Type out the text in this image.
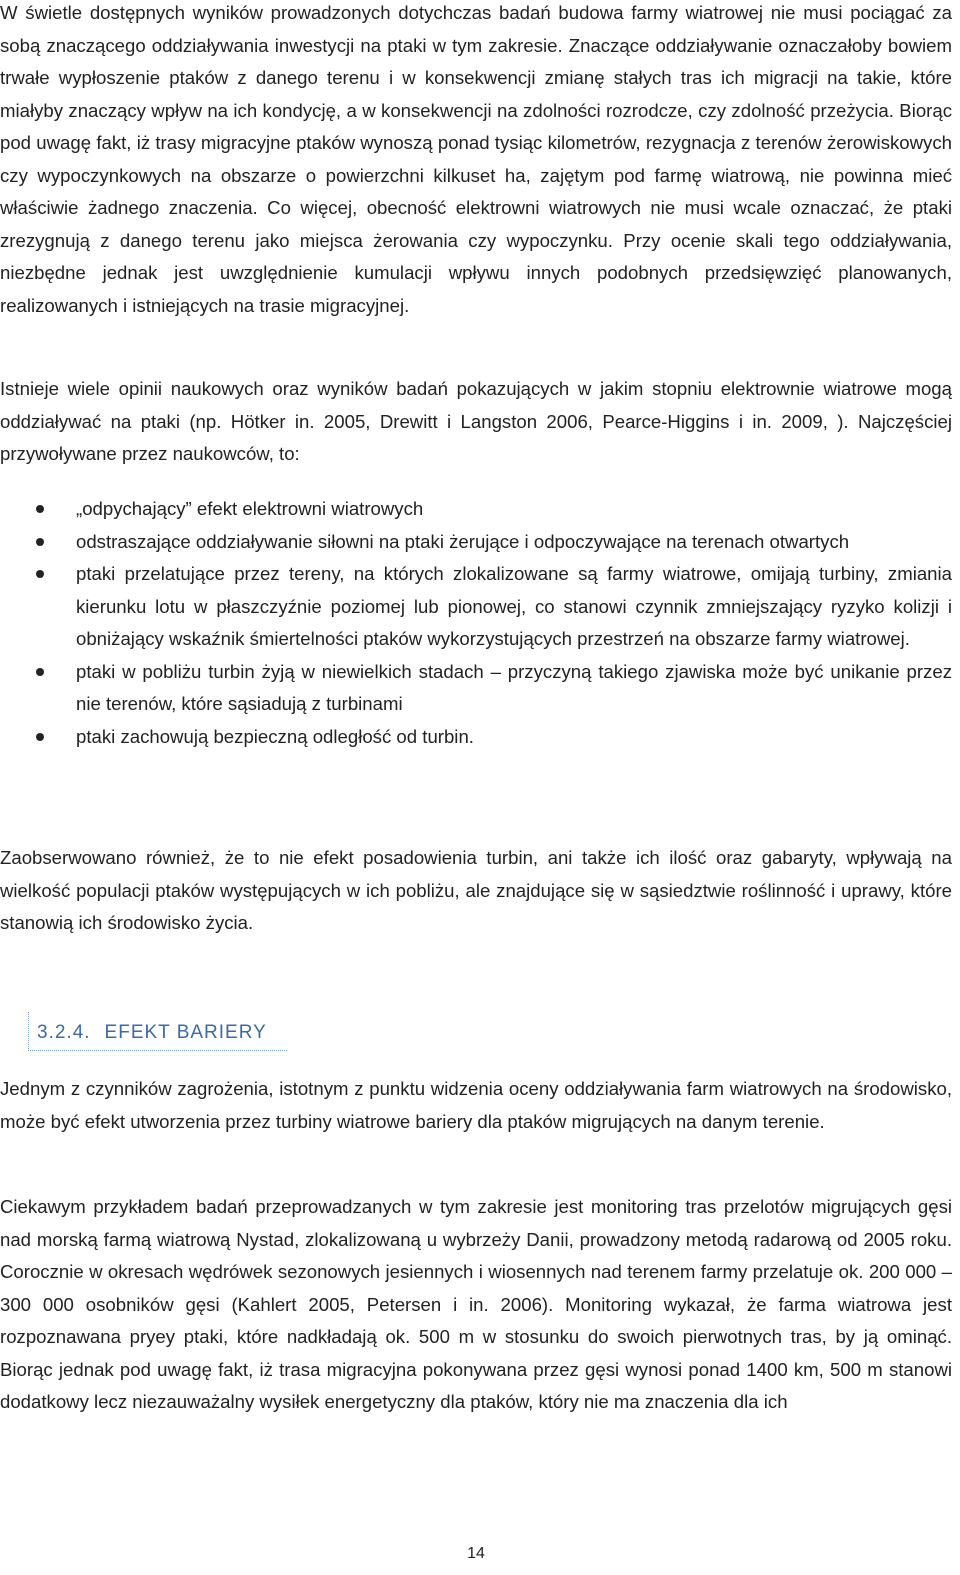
W świetle dostępnych wyników prowadzonych dotychczas badań budowa farmy wiatrowej nie musi pociągać za sobą znaczącego oddziaływania inwestycji na ptaki w tym zakresie. Znaczące oddziaływanie oznaczałoby bowiem trwałe wypłoszenie ptaków z danego terenu i w konsekwencji zmianę stałych tras ich migracji na takie, które miałyby znaczący wpływ na ich kondycję, a w konsekwencji na zdolności rozrodcze, czy zdolność przeżycia. Biorąc pod uwagę fakt, iż trasy migracyjne ptaków wynoszą ponad tysiąc kilometrów, rezygnacja z terenów żerowiskowych czy wypoczynkowych na obszarze o powierzchni kilkuset ha, zajętym pod farmę wiatrową, nie powinna mieć właściwie żadnego znaczenia. Co więcej, obecność elektrowni wiatrowych nie musi wcale oznaczać, że ptaki zrezygnują z danego terenu jako miejsca żerowania czy wypoczynku. Przy ocenie skali tego oddziaływania, niezbędne jednak jest uwzględnienie kumulacji wpływu innych podobnych przedsięwzięć planowanych, realizowanych i istniejących na trasie migracyjnej.

Istnieje wiele opinii naukowych oraz wyników badań pokazujących w jakim stopniu elektrownie wiatrowe mogą oddziaływać na ptaki (np. Hötker in. 2005, Drewitt i Langston 2006, Pearce-Higgins i in. 2009, ). Najczęściej przywoływane przez naukowców, to:

„odpychający” efekt elektrowni wiatrowych
odstraszające oddziaływanie siłowni na ptaki żerujące i odpoczywające na terenach otwartych
ptaki przelatujące przez tereny, na których zlokalizowane są farmy wiatrowe, omijają turbiny, zmiania kierunku lotu w płaszczyźnie poziomej lub pionowej, co stanowi czynnik zmniejszający ryzyko kolizji i obniżający wskaźnik śmiertelności ptaków wykorzystujących przestrzeń na obszarze farmy wiatrowej.
ptaki w pobliżu turbin żyją w niewielkich stadach – przyczyną takiego zjawiska może być unikanie przez nie terenów, które sąsiadują z turbinami
ptaki zachowują bezpieczną odległość od turbin.

Zaobserwowano również, że to nie efekt posadowienia turbin, ani także ich ilość oraz gabaryty, wpływają na wielkość populacji ptaków występujących w ich pobliżu, ale znajdujące się w sąsiedztwie roślinność i uprawy, które stanowią ich środowisko życia.

3.2.4. EFEKT BARIERY

Jednym z czynników zagrożenia, istotnym z punktu widzenia oceny oddziaływania farm wiatrowych na środowisko, może być efekt utworzenia przez turbiny wiatrowe bariery dla ptaków migrujących na danym terenie.

Ciekawym przykładem badań przeprowadzanych w tym zakresie jest monitoring tras przelotów migrujących gęsi nad morską farmą wiatrową Nystad, zlokalizowaną u wybrzeży Danii, prowadzony metodą radarową od 2005 roku. Corocznie w okresach wędrówek sezonowych jesiennych i wiosennych nad terenem farmy przelatuje ok. 200 000 – 300 000 osobników gęsi (Kahlert 2005, Petersen i in. 2006). Monitoring wykazał, że farma wiatrowa jest rozpoznawana pryey ptaki, które nadkładają ok. 500 m w stosunku do swoich pierwotnych tras, by ją ominąć. Biorąc jednak pod uwagę fakt, iż trasa migracyjna pokonywana przez gęsi wynosi ponad 1400 km, 500 m stanowi dodatkowy lecz niezauważalny wysiłek energetyczny dla ptaków, który nie ma znaczenia dla ich

14
